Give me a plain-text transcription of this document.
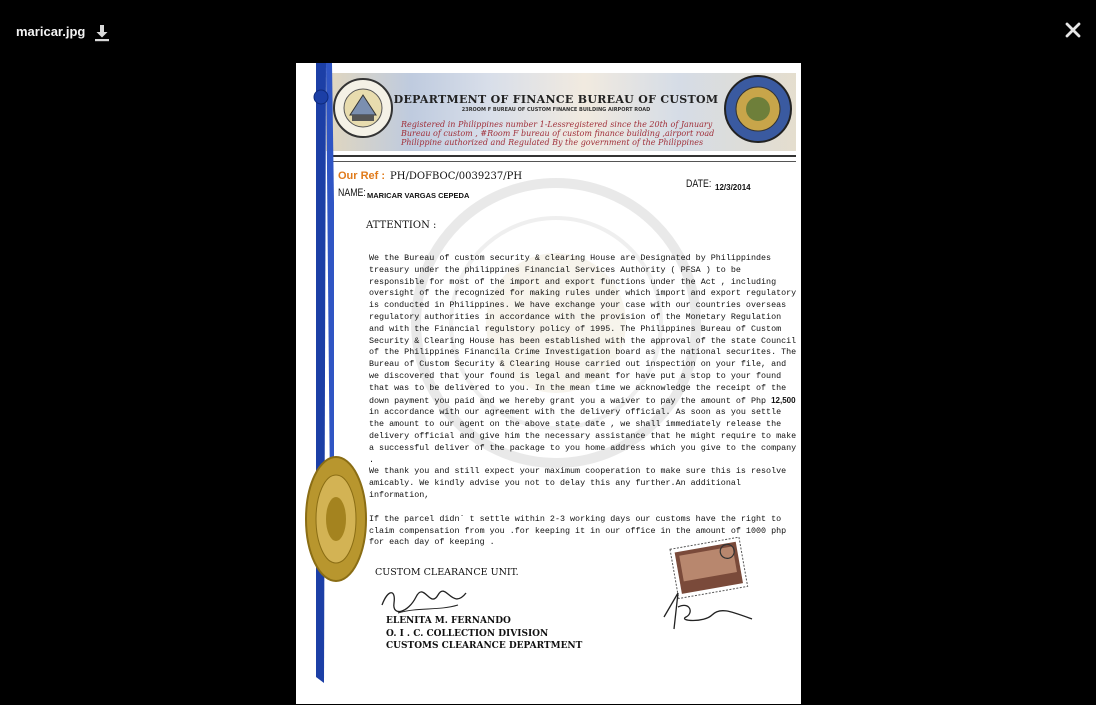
maricar.jpg
DEPARTMENT OF FINANCE BUREAU OF CUSTOM
23ROOM F BUREAU OF CUSTOM FINANCE BUILDING AIRPORT ROAD
Registered in Philippines number 1-Lessregistered since the 20th of January
Bureau of custom , #Room F bureau of custom finance building ,airport road
Philippine authorized and Regulated By the government of the Philippines
Our Ref : PH/DOFBOC/0039237/PH
NAME: MARICAR VARGAS CEPEDA
DATE: 12/3/2014
ATTENTION :

We the Bureau of custom security & clearing House are Designated by Philippindes treasury under the philippines Financial Services Authority ( PFSA ) to be responsible for most of the import and export functions under the Act , including oversight of the recognized for making rules under which import and export regulatory is conducted in Philippines. We have exchange your case with our countries overseas regulatory authorities in accordance with the provision of the Monetary Regulation and with the Financial regulstory policy of 1995. The Philippines Bureau of Custom Security & Clearing House has been established with the approval of the state Council of the Philippines Financila Crime Investigation board as the national securites. The Bureau of Custom Security & Clearing House carried out inspection on your file, and we discovered that your found is legal and meant for have put a stop to your found that was to be delivered to you. In the mean time we acknowledge the receipt of the down payment you paid and we hereby grant you a waiver to pay the amount of Php 12,500 in accordance with our agreement with the delivery official. As soon as you settle the amount to our agent on the above state date , we shall immediately release the delivery official and give him the necessary assistance that he might require to make a successful deliver of the package to you home address which you give to the company .

We thank you and still expect your maximum cooperation to make sure this is resolve amicably. We kindly advise you not to delay this any further.An additional information,

If the parcel didn` t settle within 2-3 working days our customs have the right to claim compensation from you .for keeping it in our office in the amount of 1000 php for each day of keeping .

CUSTOM CLEARANCE UNIT.
ELENITA M. FERNANDO
O. I . C. COLLECTION DIVISION
CUSTOMS CLEARANCE DEPARTMENT
